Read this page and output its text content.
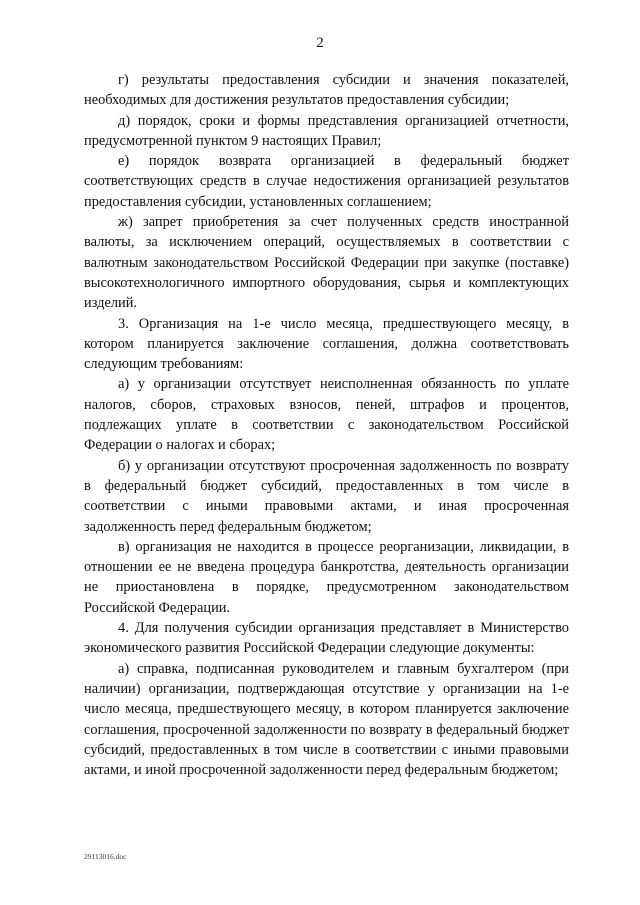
2

г) результаты предоставления субсидии и значения показателей, необходимых для достижения результатов предоставления субсидии;

д) порядок, сроки и формы представления организацией отчетности, предусмотренной пунктом 9 настоящих Правил;

е) порядок возврата организацией в федеральный бюджет соответствующих средств в случае недостижения организацией результатов предоставления субсидии, установленных соглашением;

ж) запрет приобретения за счет полученных средств иностранной валюты, за исключением операций, осуществляемых в соответствии с валютным законодательством Российской Федерации при закупке (поставке) высокотехнологичного импортного оборудования, сырья и комплектующих изделий.

3. Организация на 1-е число месяца, предшествующего месяцу, в котором планируется заключение соглашения, должна соответствовать следующим требованиям:

а) у организации отсутствует неисполненная обязанность по уплате налогов, сборов, страховых взносов, пеней, штрафов и процентов, подлежащих уплате в соответствии с законодательством Российской Федерации о налогах и сборах;

б) у организации отсутствуют просроченная задолженность по возврату в федеральный бюджет субсидий, предоставленных в том числе в соответствии с иными правовыми актами, и иная просроченная задолженность перед федеральным бюджетом;

в) организация не находится в процессе реорганизации, ликвидации, в отношении ее не введена процедура банкротства, деятельность организации не приостановлена в порядке, предусмотренном законодательством Российской Федерации.

4. Для получения субсидии организация представляет в Министерство экономического развития Российской Федерации следующие документы:

а) справка, подписанная руководителем и главным бухгалтером (при наличии) организации, подтверждающая отсутствие у организации на 1-е число месяца, предшествующего месяцу, в котором планируется заключение соглашения, просроченной задолженности по возврату в федеральный бюджет субсидий, предоставленных в том числе в соответствии с иными правовыми актами, и иной просроченной задолженности перед федеральным бюджетом;

29113016.doc
